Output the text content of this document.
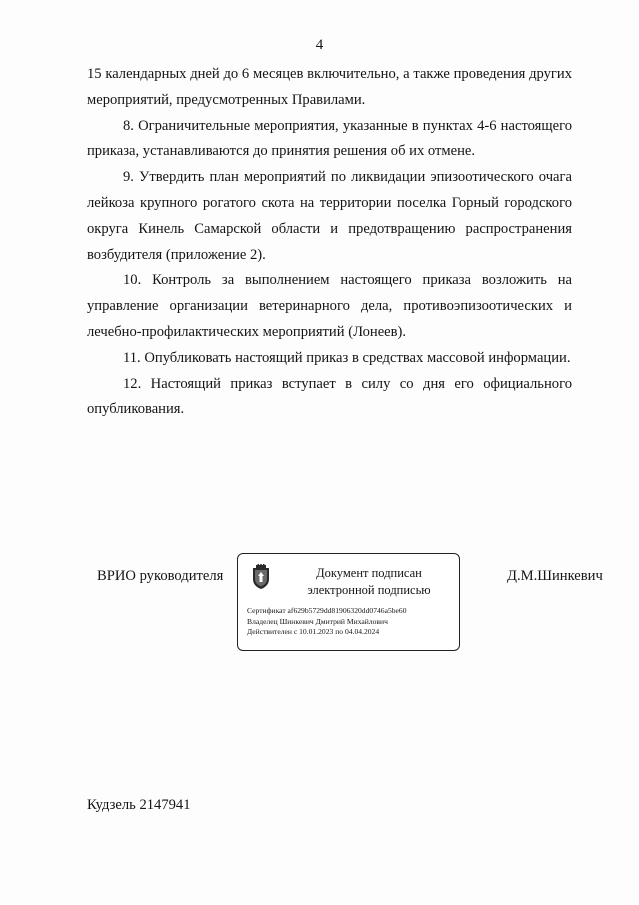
4

15 календарных дней до 6 месяцев включительно, а также проведения других мероприятий, предусмотренных Правилами.

8. Ограничительные мероприятия, указанные в пунктах 4-6 настоящего приказа, устанавливаются до принятия решения об их отмене.

9. Утвердить план мероприятий по ликвидации эпизоотического очага лейкоза крупного рогатого скота на территории поселка Горный городского округа Кинель Самарской области и предотвращению распространения возбудителя (приложение 2).

10. Контроль за выполнением настоящего приказа возложить на управление организации ветеринарного дела, противоэпизоотических и лечебно-профилактических мероприятий (Лонеев).

11. Опубликовать настоящий приказ в средствах массовой информации.

12. Настоящий приказ вступает в силу со дня его официального опубликования.

ВРИО руководителя	Документ подписан
электронной подписью
Сертификат af629b5729dd81906320dd0746a5be60
Владелец Шинкевич Дмитрий Михайлович
Действителен с 10.01.2023 по 04.04.2024
Д.М.Шинкевич
Кудзель 2147941
